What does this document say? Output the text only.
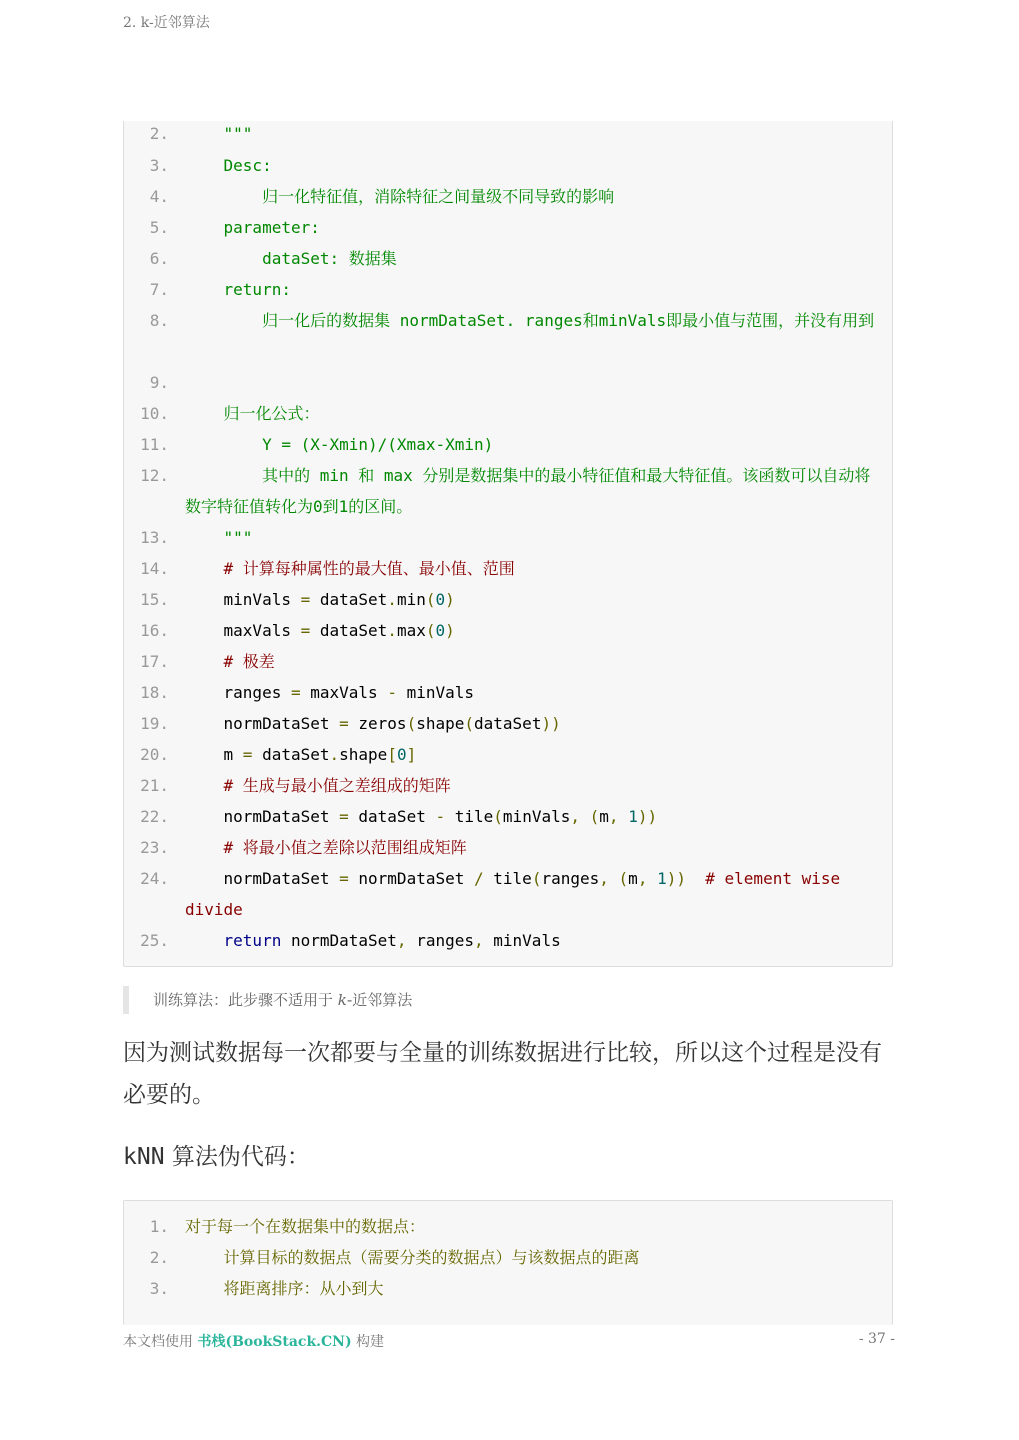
2. k-近邻算法
2. """
3. Desc:
4. 归一化特征值，消除特征之间量级不同导致的影响
5. parameter:
6. dataSet: 数据集
7. return:
8. 归一化后的数据集 normDataSet. ranges和minVals即最小值与范围，并没有用到
9.
10. 归一化公式：
11. Y = (X-Xmin)/(Xmax-Xmin)
12. 其中的 min 和 max 分别是数据集中的最小特征值和最大特征值。该函数可以自动将数字特征值转化为0到1的区间。
13. """
14.	# 计算每种属性的最大值、最小值、范围
15. minVals = dataSet.min(0)
16. maxVals = dataSet.max(0)
17.	# 极差
18. ranges = maxVals - minVals
19. normDataSet = zeros(shape(dataSet))
20. m = dataSet.shape[0]
21.	# 生成与最小值之差组成的矩阵
22. normDataSet = dataSet - tile(minVals, (m, 1))
23.	# 将最小值之差除以范围组成矩阵
24. normDataSet = normDataSet / tile(ranges, (m, 1)) # element wise divide
25.	return normDataSet, ranges, minVals
训练算法：此步骤不适用于 k-近邻算法
因为测试数据每一次都要与全量的训练数据进行比较，所以这个过程是没有必要的。
kNN 算法伪代码：
1. 对于每一个在数据集中的数据点：
2. 计算目标的数据点（需要分类的数据点）与该数据点的距离
3. 将距离排序：从小到大
本文档使用 书栈(BookStack.CN) 构建	- 37 -
